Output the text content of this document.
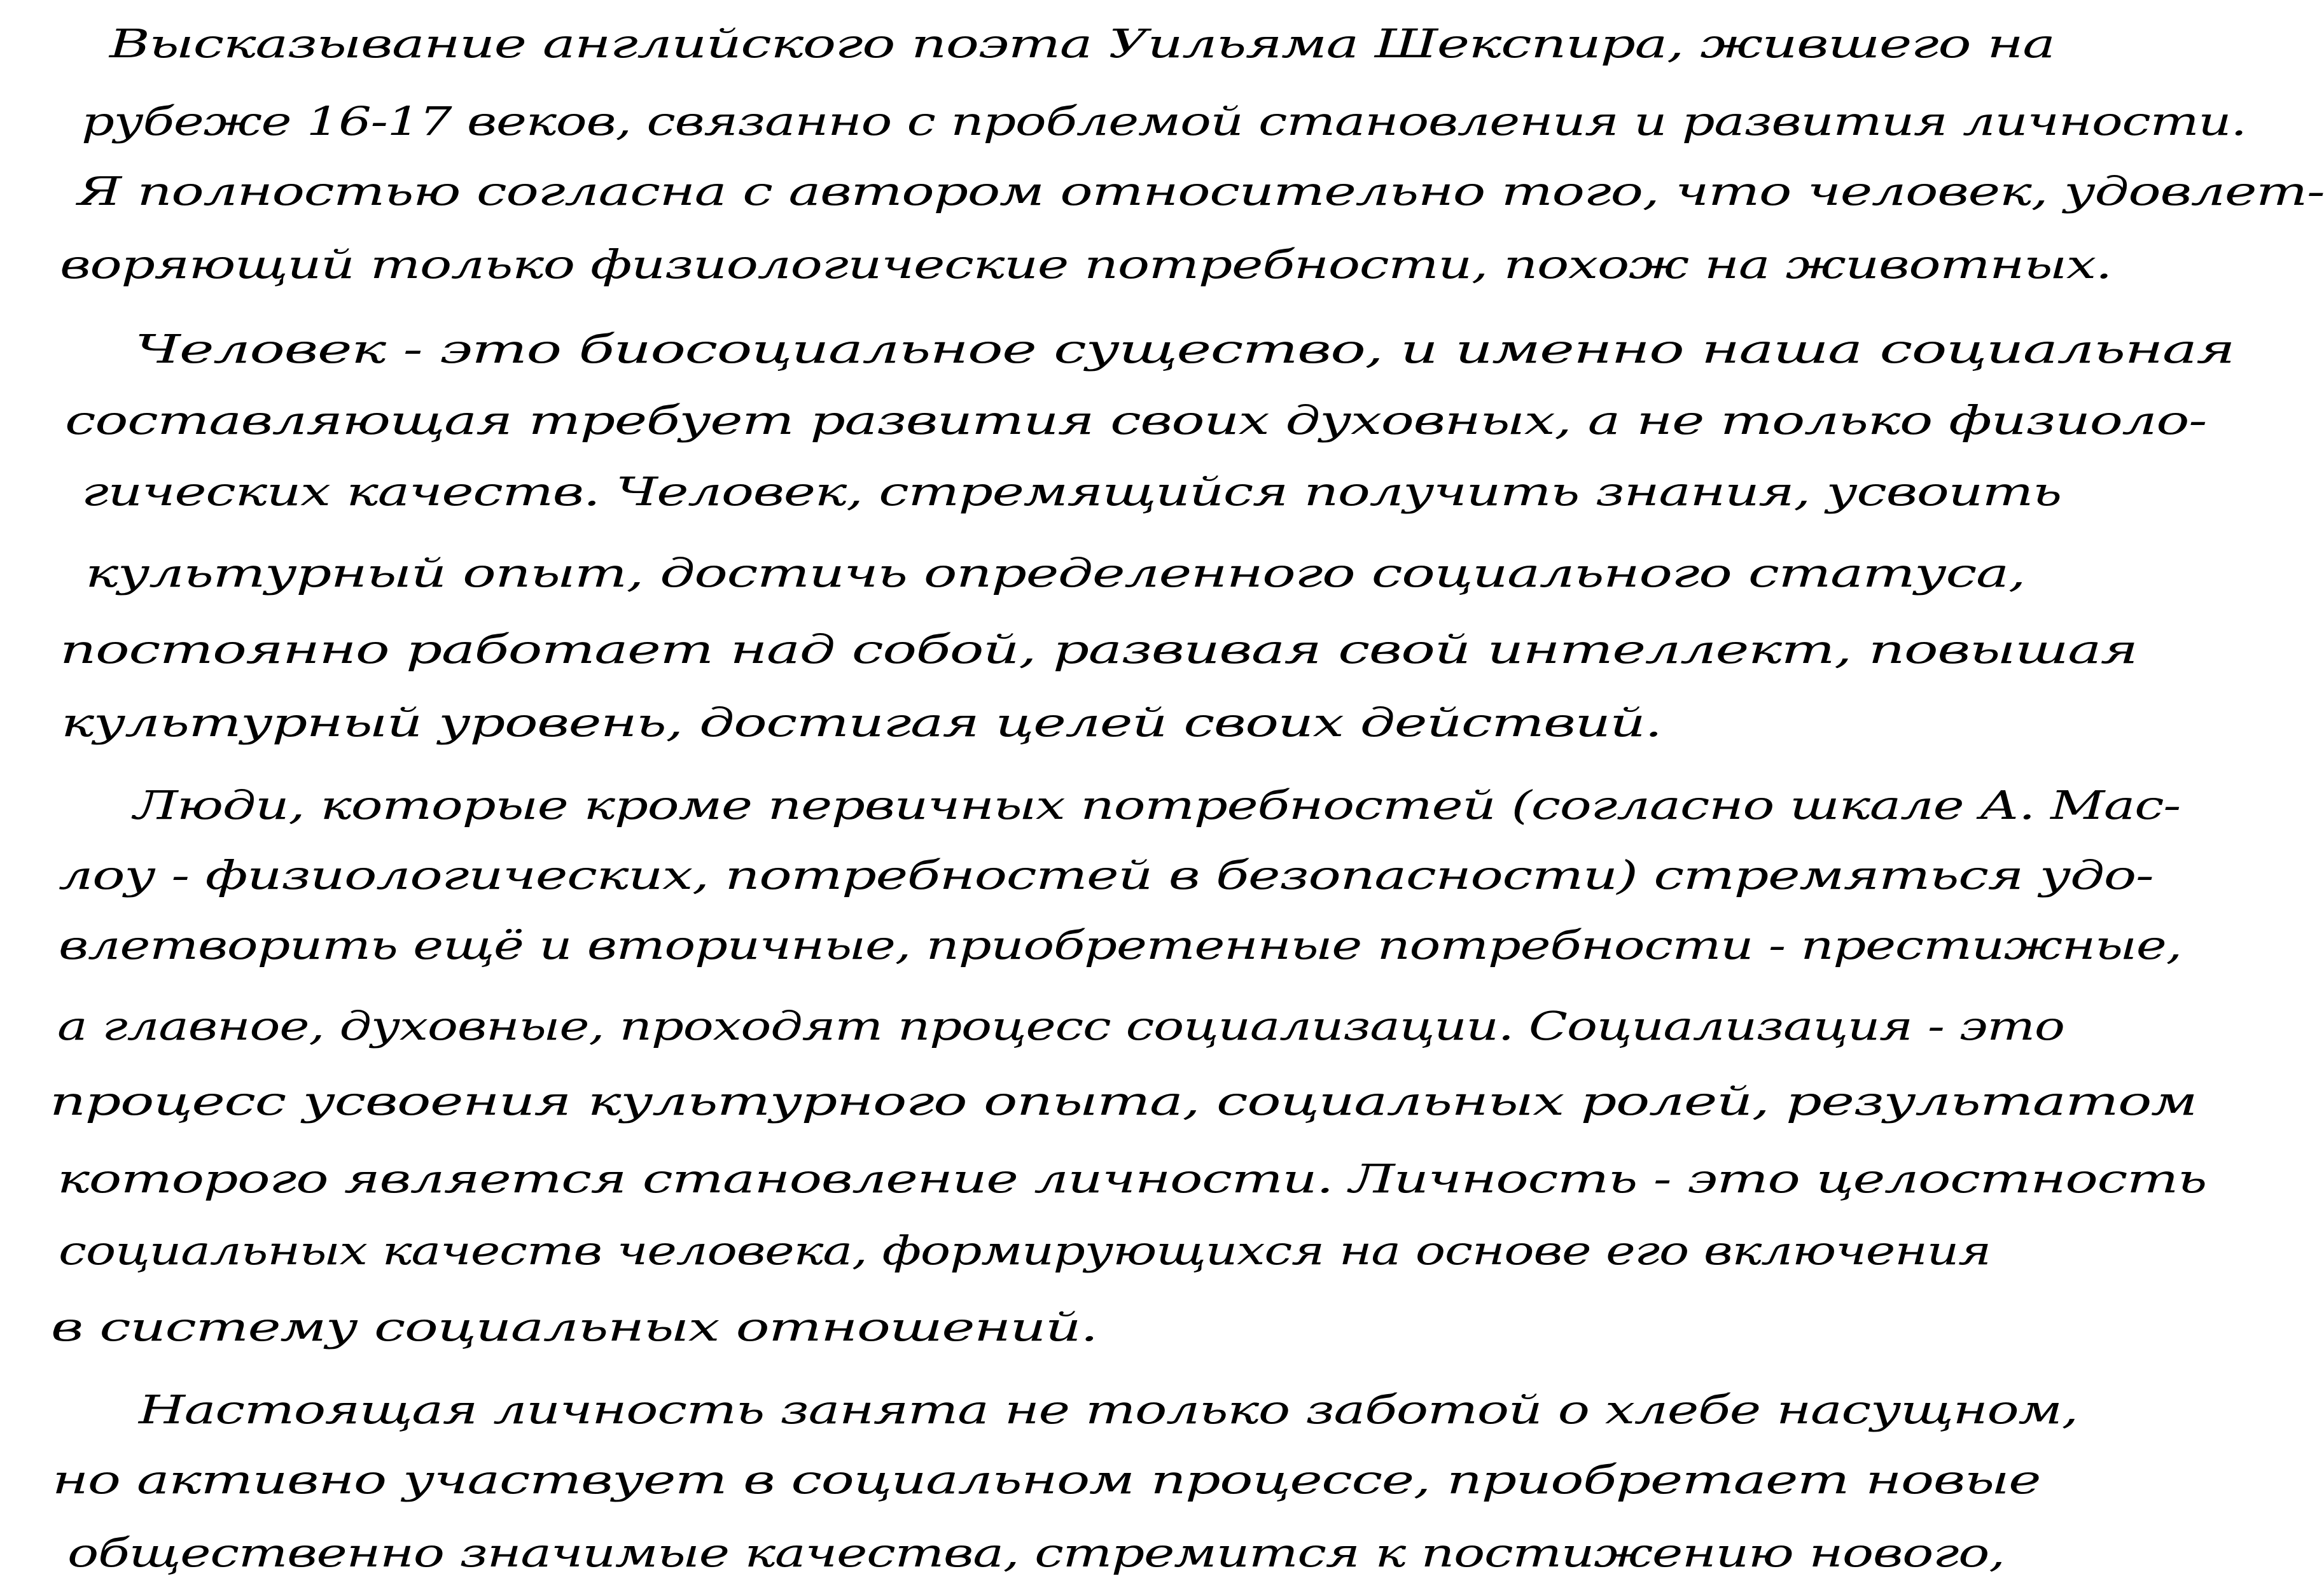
Высказывание английского поэта Уильяма Шекспира, жившего на
рубеже 16-17 веков, связанно с проблемой становления и развития личности.
Я полностью согласна с автором относительно того, что человек, удовлет-
воряющий только физиологические потребности, похож на животных.
Человек - это биосоциальное существо, и именно наша социальная
составляющая требует развития своих духовных, а не только физиоло-
гических качеств. Человек, стремящийся получить знания, усвоить
культурный опыт, достичь определенного социального статуса,
постоянно работает над собой, развивая свой интеллект, повышая
культурный уровень, достигая целей своих действий.
Люди, которые кроме первичных потребностей (согласно шкале А. Мас-
лоу - физиологических, потребностей в безопасности) стремяться удо-
влетворить ещё и вторичные, приобретенные потребности - престижные,
а главное, духовные, проходят процесс социализации. Социализация - это
процесс усвоения культурного опыта, социальных ролей, результатом
которого является становление личности. Личность - это целостность
социальных качеств человека, формирующихся на основе его включения
в систему социальных отношений.
Настоящая личность занята не только заботой о хлебе насущном,
но активно участвует в социальном процессе, приобретает новые
общественно значимые качества, стремится к постижению нового,
